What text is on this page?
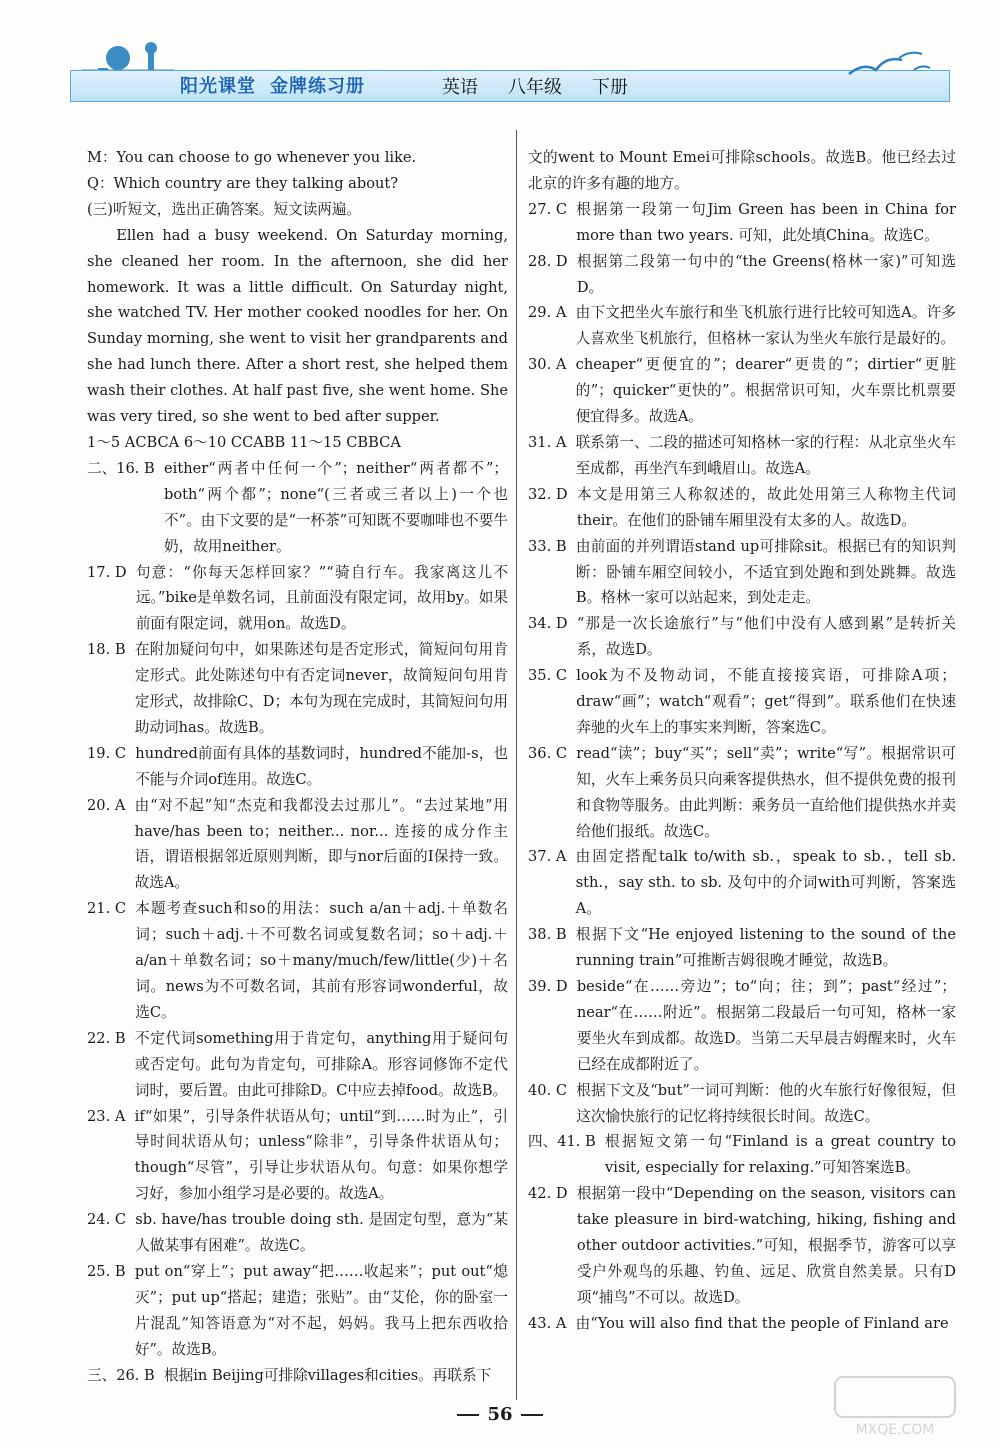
阳光课堂 金牌练习册	英语 八年级 下册

M：You can choose to go whenever you like.

Q：Which country are they talking about?

(三)听短文，选出正确答案。短文读两遍。

Ellen had a busy weekend. On Saturday morning, she cleaned her room. In the afternoon, she did her homework. It was a little difficult. On Saturday night, she watched TV. Her mother cooked noodles for her. On Sunday morning, she went to visit her grandparents and she had lunch there. After a short rest, she helped them wash their clothes. At half past five, she went home. She was very tired, so she went to bed after supper.

1～5 ACBCA 6～10 CCABB 11～15 CBBCA

二、16. B either“两者中任何一个”；neither“两者都不”；both“两个都”；none“(三者或三者以上)一个也不”。由下文要的是“一杯茶”可知既不要咖啡也不要牛奶，故用neither。
17. D 句意：“你每天怎样回家？”“骑自行车。我家离这儿不远。”bike是单数名词，且前面没有限定词，故用by。如果前面有限定词，就用on。故选D。
18. B 在附加疑问句中，如果陈述句是否定形式，简短问句用肯定形式。此处陈述句中有否定词never，故简短问句用肯定形式，故排除C、D；本句为现在完成时，其简短问句用助动词has。故选B。
19. C hundred前面有具体的基数词时，hundred不能加-s，也不能与介词of连用。故选C。
20. A 由“对不起”知“杰克和我都没去过那儿”。“去过某地”用have/has been to；neither... nor... 连接的成分作主语，谓语根据邻近原则判断，即与nor后面的I保持一致。故选A。
21. C 本题考查such和so的用法：such a/an＋adj.＋单数名词；such＋adj.＋不可数名词或复数名词；so＋adj.＋a/an＋单数名词；so＋many/much/few/little(少)＋名词。news为不可数名词，其前有形容词wonderful，故选C。
22. B 不定代词something用于肯定句，anything用于疑问句或否定句。此句为肯定句，可排除A。形容词修饰不定代词时，要后置。由此可排除D。C中应去掉food。故选B。
23. A if“如果”，引导条件状语从句；until“到……时为止”，引导时间状语从句；unless“除非”，引导条件状语从句；though“尽管”，引导让步状语从句。句意：如果你想学习好，参加小组学习是必要的。故选A。
24. C sb. have/has trouble doing sth. 是固定句型，意为“某人做某事有困难”。故选C。
25. B put on“穿上”；put away“把……收起来”；put out“熄灭”；put up“搭起；建造；张贴”。由“艾伦，你的卧室一片混乱”知答语意为“对不起，妈妈。我马上把东西收拾好”。故选B。
三、26. B 根据in Beijing可排除villages和cities。再联系下

文的went to Mount Emei可排除schools。故选B。他已经去过北京的许多有趣的地方。

27. C 根据第一段第一句Jim Green has been in China for more than two years. 可知，此处填China。故选C。
28. D 根据第二段第一句中的“the Greens(格林一家)”可知选D。
29. A 由下文把坐火车旅行和坐飞机旅行进行比较可知选A。许多人喜欢坐飞机旅行，但格林一家认为坐火车旅行是最好的。
30. A cheaper“更便宜的”；dearer“更贵的”；dirtier“更脏的”；quicker“更快的”。根据常识可知，火车票比机票要便宜得多。故选A。
31. A 联系第一、二段的描述可知格林一家的行程：从北京坐火车至成都，再坐汽车到峨眉山。故选A。
32. D 本文是用第三人称叙述的，故此处用第三人称物主代词their。在他们的卧铺车厢里没有太多的人。故选D。
33. B 由前面的并列谓语stand up可排除sit。根据已有的知识判断：卧铺车厢空间较小，不适宜到处跑和到处跳舞。故选B。格林一家可以站起来，到处走走。
34. D “那是一次长途旅行”与“他们中没有人感到累”是转折关系，故选D。
35. C look为不及物动词，不能直接接宾语，可排除A项；draw“画”；watch“观看”；get“得到”。联系他们在快速奔驰的火车上的事实来判断，答案选C。
36. C read“读”；buy“买”；sell“卖”；write“写”。根据常识可知，火车上乘务员只向乘客提供热水，但不提供免费的报刊和食物等服务。由此判断：乘务员一直给他们提供热水并卖给他们报纸。故选C。
37. A 由固定搭配talk to/with sb.，speak to sb.，tell sb. sth.，say sth. to sb. 及句中的介词with可判断，答案选A。
38. B 根据下文“He enjoyed listening to the sound of the running train”可推断吉姆很晚才睡觉，故选B。
39. D beside“在……旁边”；to“向；往；到”；past“经过”；near“在……附近”。根据第二段最后一句可知，格林一家要坐火车到成都。故选D。当第二天早晨吉姆醒来时，火车已经在成都附近了。
40. C 根据下文及“but”一词可判断：他的火车旅行好像很短，但这次愉快旅行的记忆将持续很长时间。故选C。
四、41. B 根据短文第一句“Finland is a great country to visit, especially for relaxing.”可知答案选B。
42. D 根据第一段中“Depending on the season, visitors can take pleasure in bird-watching, hiking, fishing and other outdoor activities.”可知，根据季节，游客可以享受户外观鸟的乐趣、钓鱼、远足、欣赏自然美景。只有D项“捕鸟”不可以。故选D。
43. A 由“You will also find that the people of Finland are
56
MXQE.COM
